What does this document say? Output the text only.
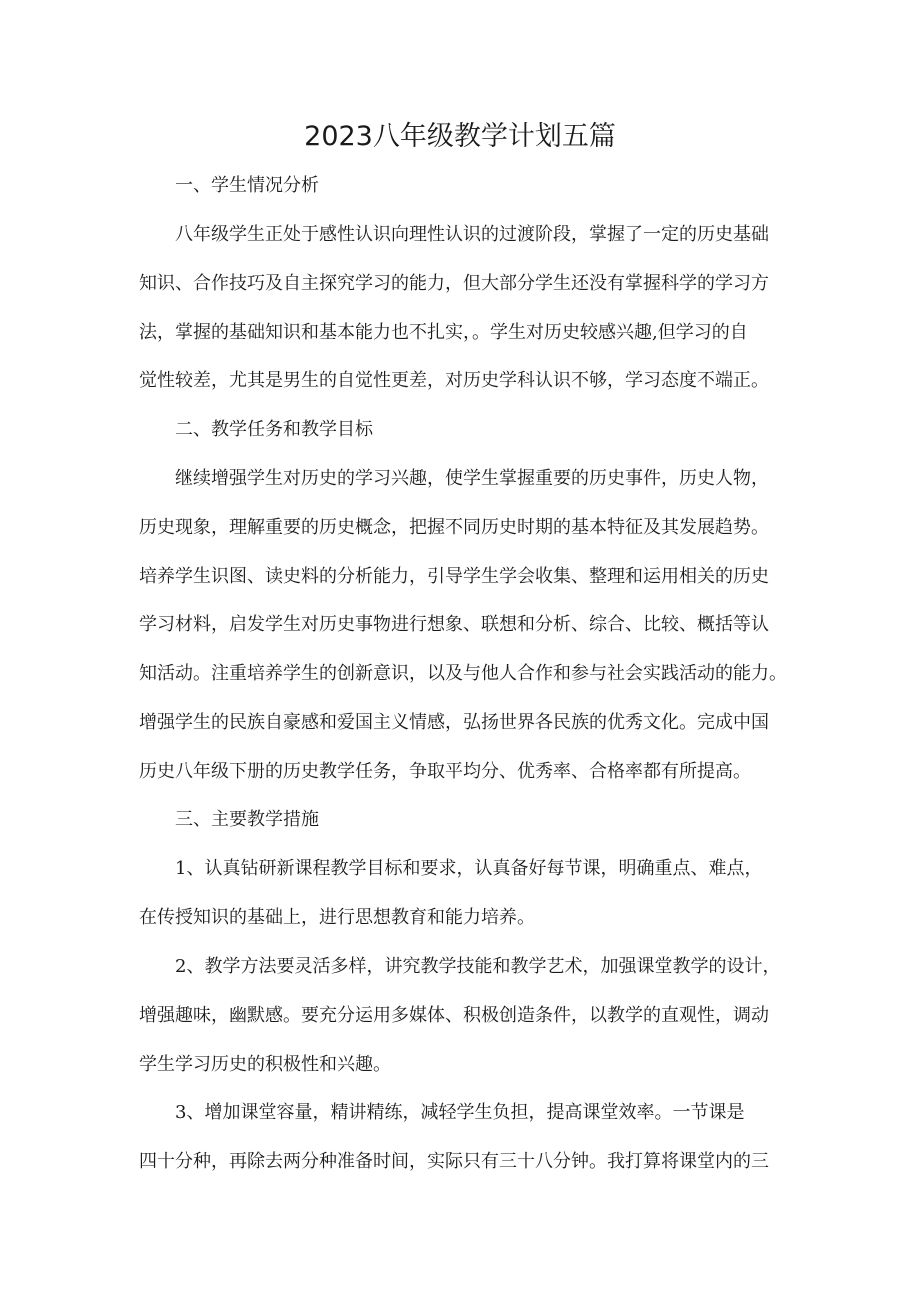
2023八年级教学计划五篇
一、学生情况分析
八年级学生正处于感性认识向理性认识的过渡阶段，掌握了一定的历史基础
知识、合作技巧及自主探究学习的能力，但大部分学生还没有掌握科学的学习方
法，掌握的基础知识和基本能力也不扎实，。学生对历史较感兴趣,但学习的自
觉性较差，尤其是男生的自觉性更差，对历史学科认识不够，学习态度不端正。
二、教学任务和教学目标
继续增强学生对历史的学习兴趣，使学生掌握重要的历史事件，历史人物，
历史现象，理解重要的历史概念，把握不同历史时期的基本特征及其发展趋势。
培养学生识图、读史料的分析能力，引导学生学会收集、整理和运用相关的历史
学习材料，启发学生对历史事物进行想象、联想和分析、综合、比较、概括等认
知活动。注重培养学生的创新意识，以及与他人合作和参与社会实践活动的能力。
增强学生的民族自豪感和爱国主义情感，弘扬世界各民族的优秀文化。完成中国
历史八年级下册的历史教学任务，争取平均分、优秀率、合格率都有所提高。
三、主要教学措施
1、认真钻研新课程教学目标和要求，认真备好每节课，明确重点、难点，
在传授知识的基础上，进行思想教育和能力培养。
2、教学方法要灵活多样，讲究教学技能和教学艺术，加强课堂教学的设计，
增强趣味，幽默感。要充分运用多媒体、积极创造条件，以教学的直观性，调动
学生学习历史的积极性和兴趣。
3、增加课堂容量，精讲精练，减轻学生负担，提高课堂效率。一节课是
四十分种，再除去两分种准备时间，实际只有三十八分钟。我打算将课堂内的三
